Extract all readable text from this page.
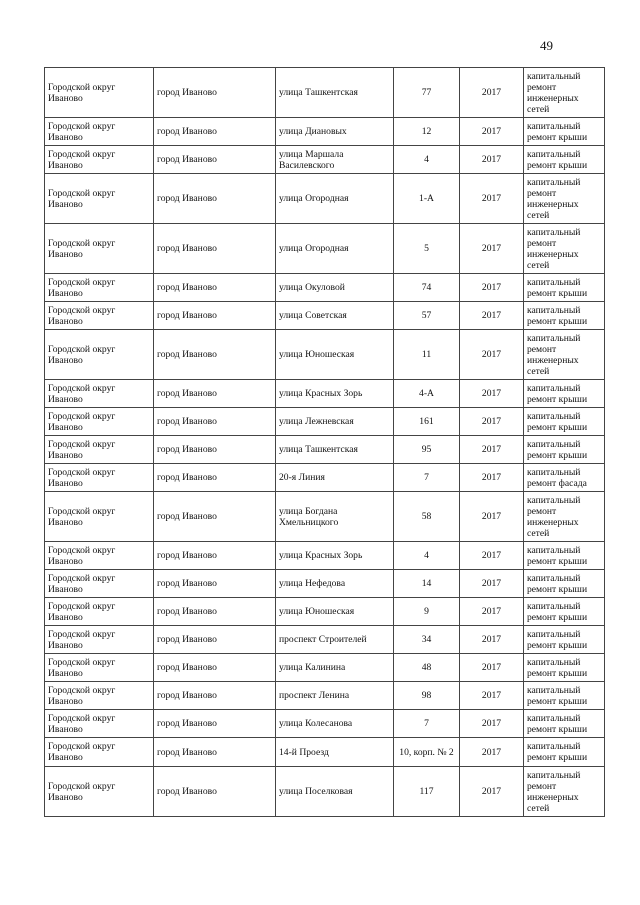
49
Городской округ Иваново	город Иваново	улица Ташкентская	77	2017	капитальный ремонт инженерных сетей
Городской округ Иваново	город Иваново	улица Диановых	12	2017	капитальный ремонт крыши
Городской округ Иваново	город Иваново	улица Маршала Василевского	4	2017	капитальный ремонт крыши
Городской округ Иваново	город Иваново	улица Огородная	1-А	2017	капитальный ремонт инженерных сетей
Городской округ Иваново	город Иваново	улица Огородная	5	2017	капитальный ремонт инженерных сетей
Городской округ Иваново	город Иваново	улица Окуловой	74	2017	капитальный ремонт крыши
Городской округ Иваново	город Иваново	улица Советская	57	2017	капитальный ремонт крыши
Городской округ Иваново	город Иваново	улица Юношеская	11	2017	капитальный ремонт инженерных сетей
Городской округ Иваново	город Иваново	улица Красных Зорь	4-А	2017	капитальный ремонт крыши
Городской округ Иваново	город Иваново	улица Лежневская	161	2017	капитальный ремонт крыши
Городской округ Иваново	город Иваново	улица Ташкентская	95	2017	капитальный ремонт крыши
Городской округ Иваново	город Иваново	20-я Линия	7	2017	капитальный ремонт фасада
Городской округ Иваново	город Иваново	улица Богдана Хмельницкого	58	2017	капитальный ремонт инженерных сетей
Городской округ Иваново	город Иваново	улица Красных Зорь	4	2017	капитальный ремонт крыши
Городской округ Иваново	город Иваново	улица Нефедова	14	2017	капитальный ремонт крыши
Городской округ Иваново	город Иваново	улица Юношеская	9	2017	капитальный ремонт крыши
Городской округ Иваново	город Иваново	проспект Строителей	34	2017	капитальный ремонт крыши
Городской округ Иваново	город Иваново	улица Калинина	48	2017	капитальный ремонт крыши
Городской округ Иваново	город Иваново	проспект Ленина	98	2017	капитальный ремонт крыши
Городской округ Иваново	город Иваново	улица Колесанова	7	2017	капитальный ремонт крыши
Городской округ Иваново	город Иваново	14-й Проезд	10, корп. № 2	2017	капитальный ремонт крыши
Городской округ Иваново	город Иваново	улица Поселковая	117	2017	капитальный ремонт инженерных сетей
